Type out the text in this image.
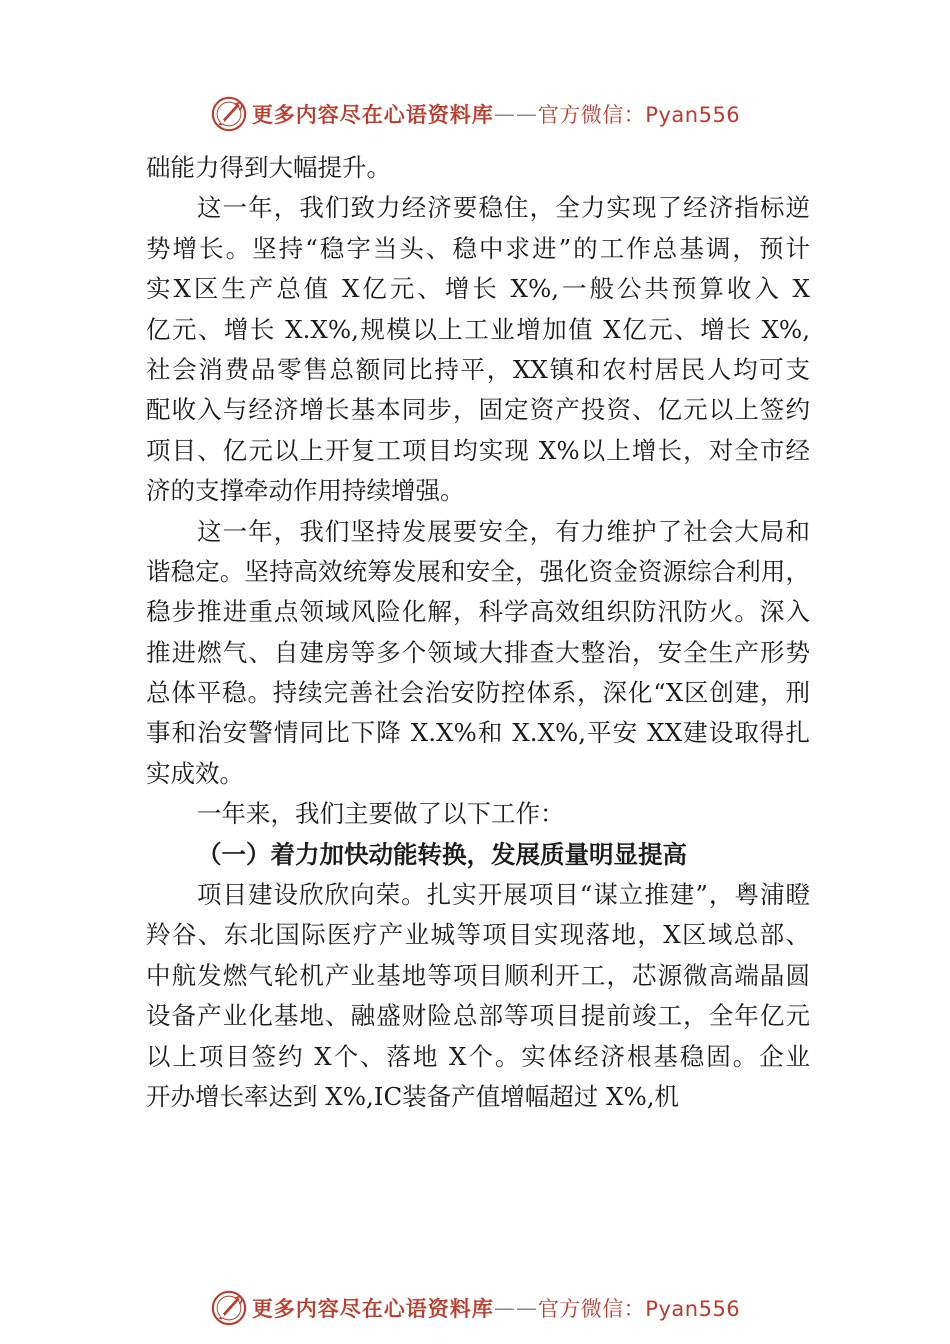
更多内容尽在心语资料库 —— 官方微信：Pyan556
础能力得到大幅提升。
这一年，我们致力经济要稳住，全力实现了经济指标逆
势增长。坚持“稳字当头、稳中求进”的工作总基调，预计
实X区生产总值 X亿元、增长 X%,一般公共预算收入 X
亿元、增长 X.X%,规模以上工业增加值 X亿元、增长 X%,
社会消费品零售总额同比持平，XX镇和农村居民人均可支
配收入与经济增长基本同步，固定资产投资、亿元以上签约
项目、亿元以上开复工项目均实现 X%以上增长，对全市经
济的支撑牵动作用持续增强。
这一年，我们坚持发展要安全，有力维护了社会大局和
谐稳定。坚持高效统筹发展和安全，强化资金资源综合利用，
稳步推进重点领域风险化解，科学高效组织防汛防火。深入
推进燃气、自建房等多个领域大排查大整治，安全生产形势
总体平稳。持续完善社会治安防控体系，深化“X区创建，刑
事和治安警情同比下降 X.X%和 X.X%,平安 XX建设取得扎
实成效。
一年来，我们主要做了以下工作：
（一）着力加快动能转换，发展质量明显提高
项目建设欣欣向荣。扎实开展项目“谋立推建”，粤浦瞪
羚谷、东北国际医疗产业城等项目实现落地，X区域总部、
中航发燃气轮机产业基地等项目顺利开工，芯源微高端晶圆
设备产业化基地、融盛财险总部等项目提前竣工，全年亿元
以上项目签约 X个、落地 X个。实体经济根基稳固。企业
开办增长率达到 X%,IC装备产值增幅超过 X%,机
更多内容尽在心语资料库 —— 官方微信：Pyan556
